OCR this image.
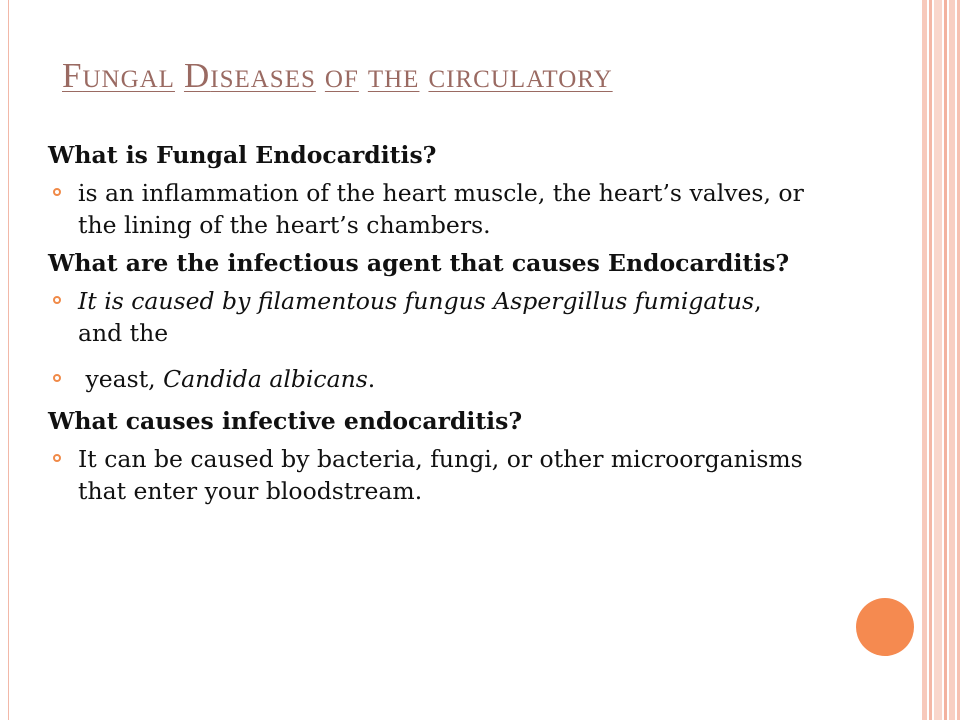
FUNGAL DISEASES OF THE CIRCULATORY

What is Fungal Endocarditis?

is an inflammation of the heart muscle, the heart’s valves, or the lining of the heart’s chambers.

What are the infectious agent that causes Endocarditis?

It is caused by filamentous fungus Aspergillus fumigatus, and the
yeast, Candida albicans.

What causes infective endocarditis?

It can be caused by bacteria, fungi, or other microorganisms that enter your bloodstream.
